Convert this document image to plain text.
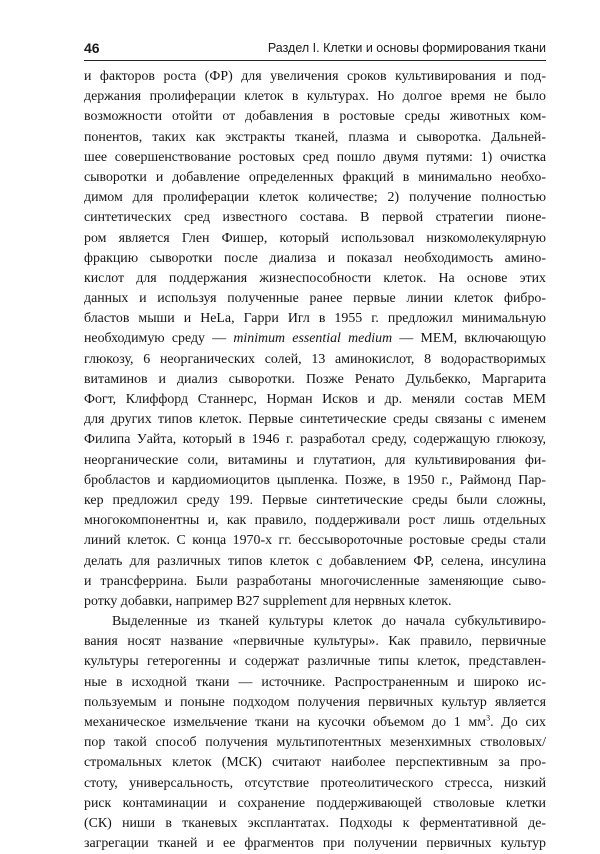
46	Раздел I. Клетки и основы формирования ткани
и факторов роста (ФР) для увеличения сроков культивирования и под-
держания пролиферации клеток в культурах. Но долгое время не было
возможности отойти от добавления в ростовые среды животных ком-
понентов, таких как экстракты тканей, плазма и сыворотка. Дальней-
шее совершенствование ростовых сред пошло двумя путями: 1) очистка
сыворотки и добавление определенных фракций в минимально необхо-
димом для пролиферации клеток количестве; 2) получение полностью
синтетических сред известного состава. В первой стратегии пионе-
ром является Глен Фишер, который использовал низкомолекулярную
фракцию сыворотки после диализа и показал необходимость амино-
кислот для поддержания жизнеспособности клеток. На основе этих
данных и используя полученные ранее первые линии клеток фибро-
бластов мыши и HeLa, Гарри Игл в 1955 г. предложил минимальную
необходимую среду — minimum essential medium — MEM, включающую
глюкозу, 6 неорганических солей, 13 аминокислот, 8 водорастворимых
витаминов и диализ сыворотки. Позже Ренато Дульбекко, Маргарита
Фогт, Клиффорд Станнерс, Норман Исков и др. меняли состав MEM
для других типов клеток. Первые синтетические среды связаны с именем
Филипа Уайта, который в 1946 г. разработал среду, содержащую глюкозу,
неорганические соли, витамины и глутатион, для культивирования фи-
бробластов и кардиомиоцитов цыпленка. Позже, в 1950 г., Раймонд Пар-
кер предложил среду 199. Первые синтетические среды были сложны,
многокомпонентны и, как правило, поддерживали рост лишь отдельных
линий клеток. С конца 1970-х гг. бессывороточные ростовые среды стали
делать для различных типов клеток с добавлением ФР, селена, инсулина
и трансферрина. Были разработаны многочисленные заменяющие сыво-
ротку добавки, например B27 supplement для нервных клеток.
Выделенные из тканей культуры клеток до начала субкультивиро-
вания носят название «первичные культуры». Как правило, первичные
культуры гетерогенны и содержат различные типы клеток, представлен-
ные в исходной ткани — источнике. Распространенным и широко ис-
пользуемым и поныне подходом получения первичных культур является
механическое измельчение ткани на кусочки объемом до 1 $мм^3$. До сих
пор такой способ получения мультипотентных мезенхимных стволовых/
стромальных клеток (МСК) считают наиболее перспективным за про-
стоту, универсальность, отсутствие протеолитического стресса, низкий
риск контаминации и сохранение поддерживающей стволовые клетки
(СК) ниши в тканевых эксплантатах. Подходы к ферментативной де-
загрегации тканей и ее фрагментов при получении первичных культур
